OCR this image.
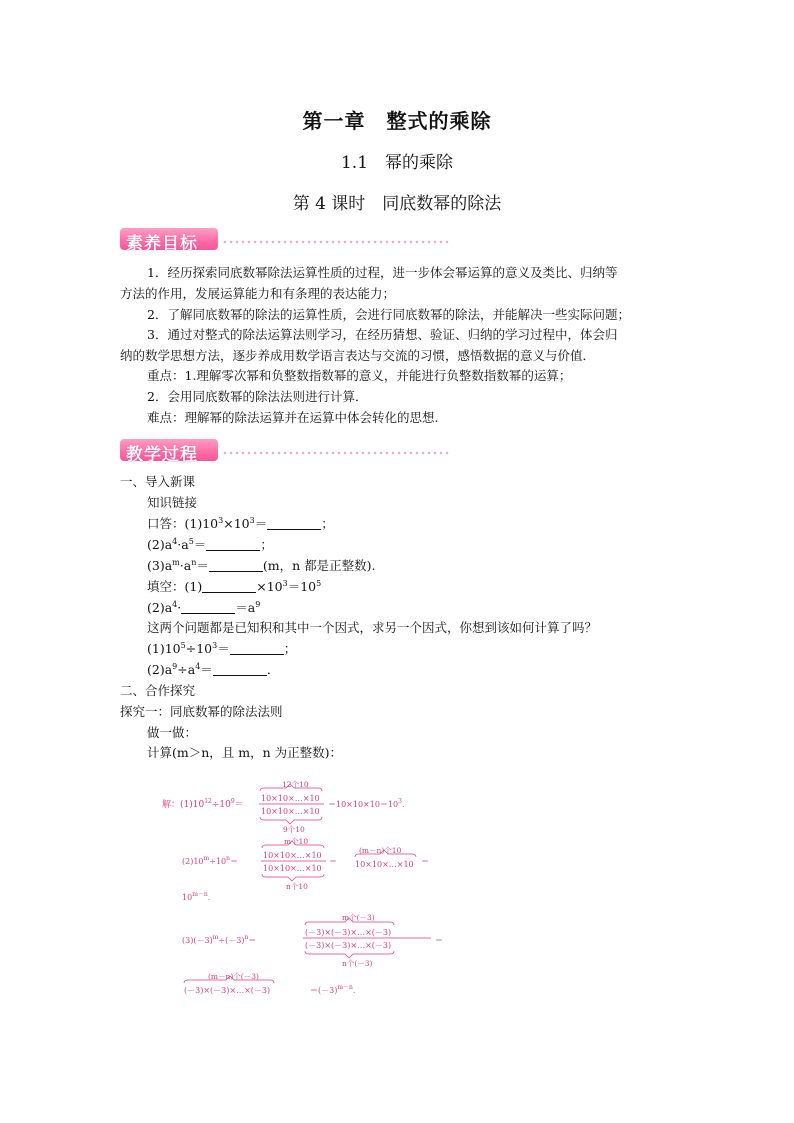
第一章　整式的乘除
1.1　幂的乘除
第 4 课时　同底数幂的除法
素养目标
1．经历探索同底数幂除法运算性质的过程，进一步体会幂运算的意义及类比、归纳等
方法的作用，发展运算能力和有条理的表达能力；
2．了解同底数幂的除法的运算性质，会进行同底数幂的除法，并能解决一些实际问题；
3．通过对整式的除法运算法则学习，在经历猜想、验证、归纳的学习过程中，体会归
纳的数学思想方法，逐步养成用数学语言表达与交流的习惯，感悟数据的意义与价值．
重点：1.理解零次幂和负整数指数幂的意义，并能进行负整数指数幂的运算；
2．会用同底数幂的除法法则进行计算．
难点：理解幂的除法运算并在运算中体会转化的思想.
教学过程
一、导入新课
知识链接
口答：$(1)10^3\times 10^3=$	；
$(2)a^4\cdot a^5=$	；
$(3)a^m\cdot a^n=$	(m，n 都是正整数).
填空：(1)	$\times 10^3=10^5$
$(2)a^4\cdot$	$=a^9$
这两个问题都是已知积和其中一个因式，求另一个因式，你想到该如何计算了吗？
$(1)10^5\div 10^3=$	；
$(2)a^9\div a^4=$	．
二、合作探究
探究一：同底数幂的除法法则
做一做：
计算(m＞n，且 m，n 为正整数)：
解：$(1)10^{12}\div 10^9=$
12个10
10×10×…×10
10×10×…×10
9个10
$=10\times 10\times 10=10^3$.
$(2)10^m\div 10^n=$
m个10
10×10×…×10
10×10×…×10
n个10
＝
(m－n)个10
10×10×…×10 ＝
$10^{m-n}$.
$(3)(-3)^m\div(-3)^n=$
m个(－3)
(－3)×(－3)×…×(－3)
(－3)×(－3)×…×(－3)
n个(－3)
＝
(m－n)个(－3)
(－3)×(－3)×…×(－3)	$=(-3)^{m-n}$.
